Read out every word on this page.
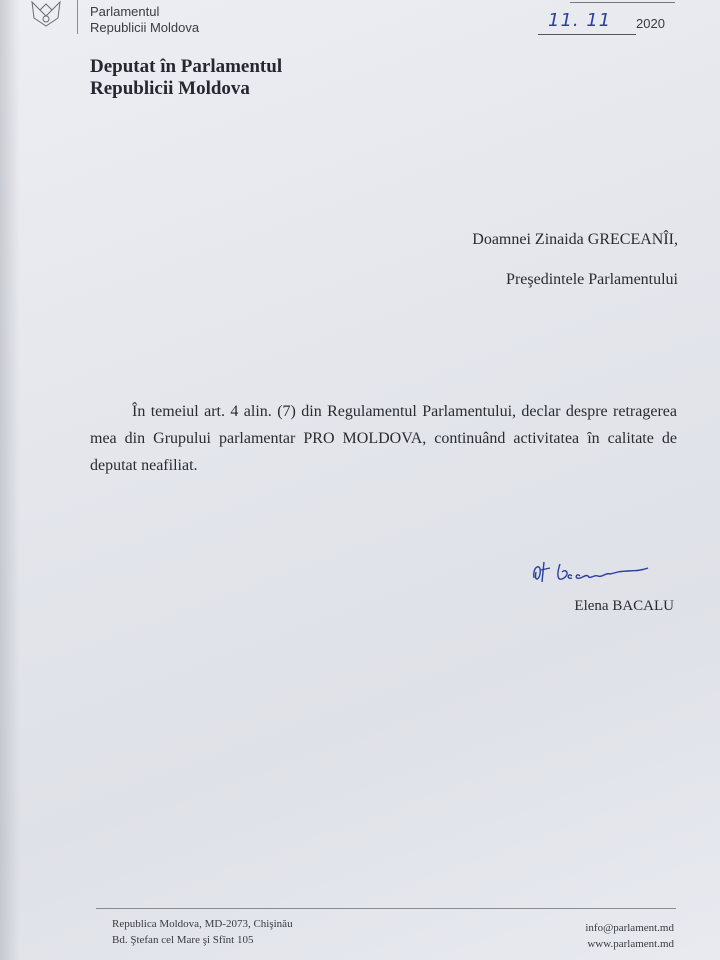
Parlamentul
Republicii Moldova	11. 11 2020
Deputat în Parlamentul
Republicii Moldova
Doamnei Zinaida GRECEANÎI,
Preşedintele Parlamentului
În temeiul art. 4 alin. (7) din Regulamentul Parlamentului, declar despre retragerea mea din Grupului parlamentar PRO MOLDOVA, continuând activitatea în calitate de deputat neafiliat.
Elena BACALU
Republica Moldova, MD-2073, Chişinău
Bd. Ştefan cel Mare şi Sfînt 105
info@parlament.md
www.parlament.md
